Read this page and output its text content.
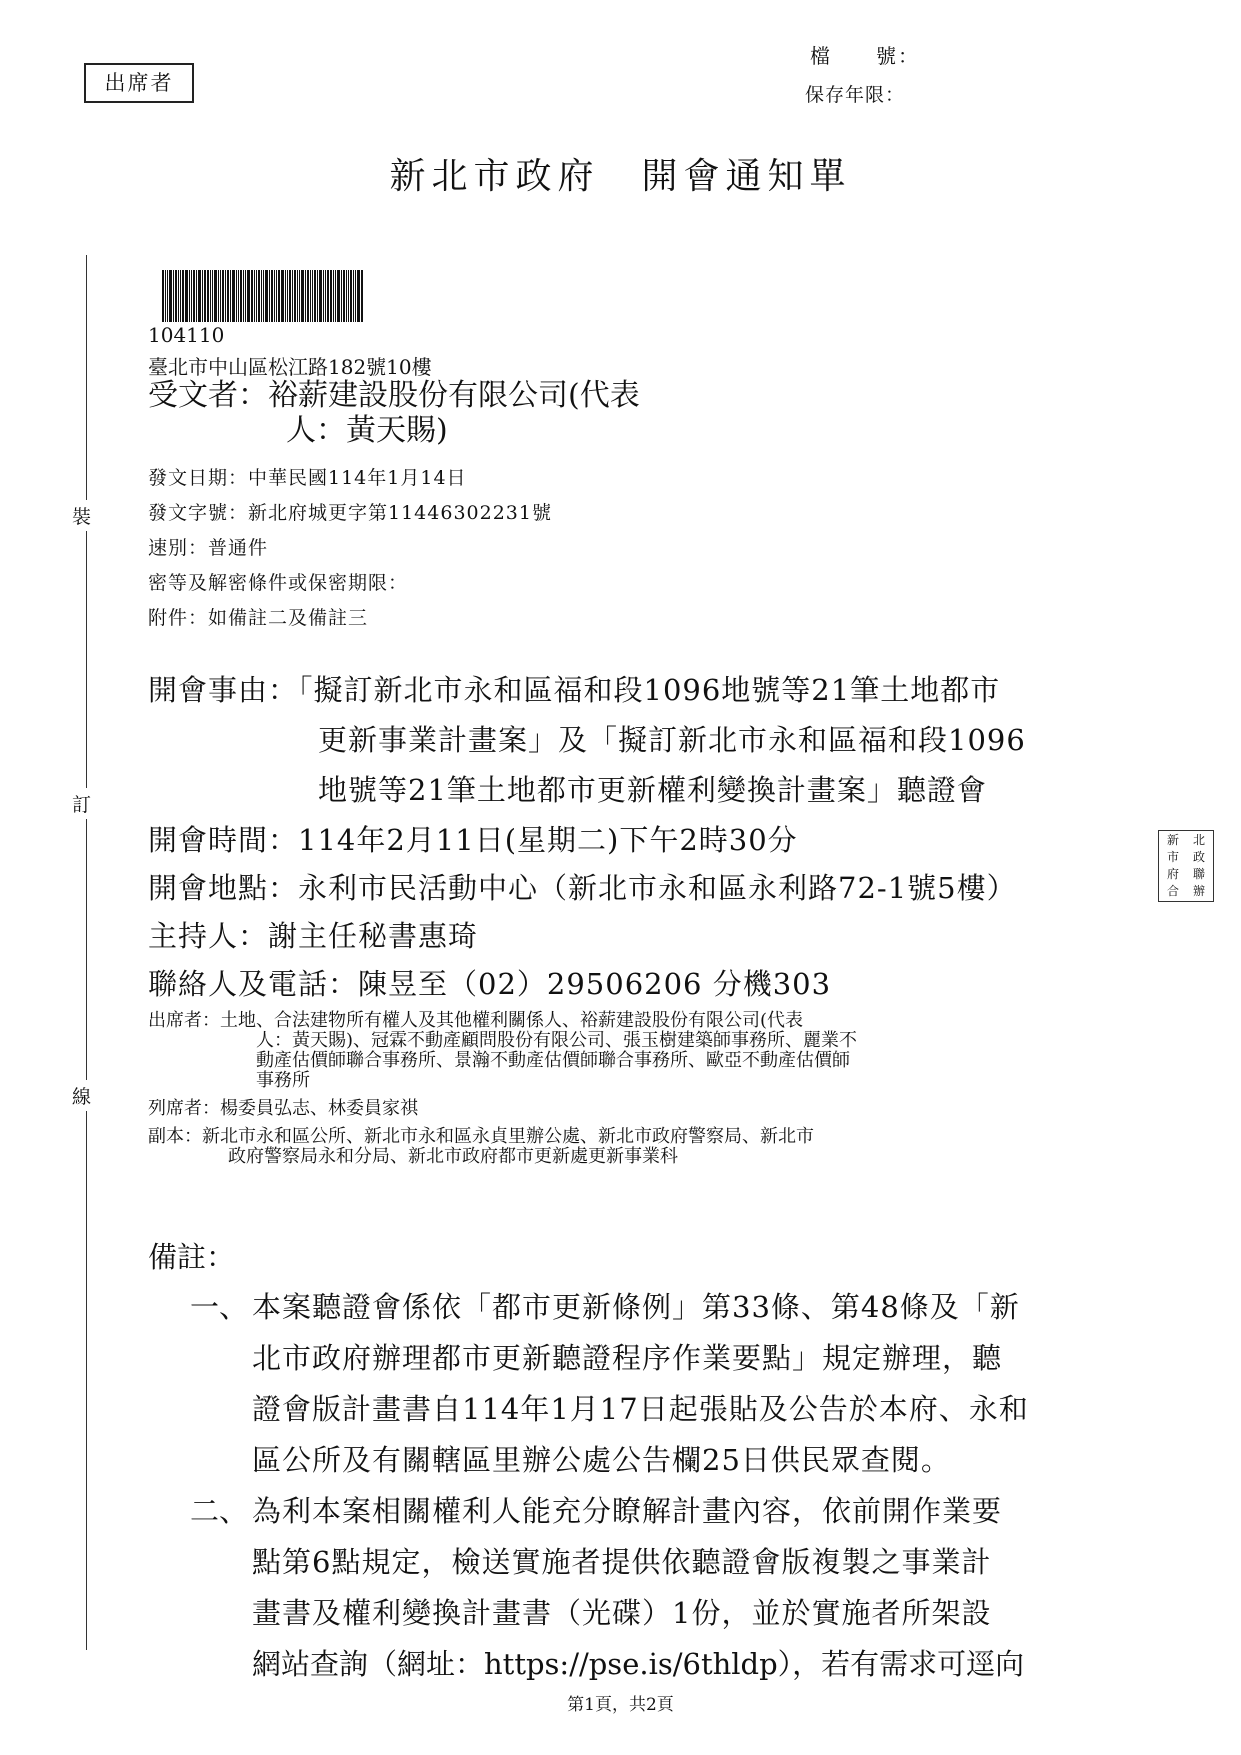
出席者
檔　　號：
保存年限：
新北市政府　開會通知單
裝
訂
線
104110
臺北市中山區松江路182號10樓
受文者：裕薪建設股份有限公司(代表
人：黃天賜)
發文日期：中華民國114年1月14日
發文字號：新北府城更字第11446302231號
速別：普通件
密等及解密條件或保密期限：
附件：如備註二及備註三
開會事由：「擬訂新北市永和區福和段1096地號等21筆土地都市
更新事業計畫案」及「擬訂新北市永和區福和段1096
地號等21筆土地都市更新權利變換計畫案」聽證會
開會時間：114年2月11日(星期二)下午2時30分
開會地點：永利市民活動中心（新北市永和區永利路72-1號5樓）
主持人：謝主任秘書惠琦
聯絡人及電話：陳昱至（02）29506206 分機303
出席者：土地、合法建物所有權人及其他權利關係人、裕薪建設股份有限公司(代表
人：黃天賜)、冠霖不動產顧問股份有限公司、張玉樹建築師事務所、麗業不
動產估價師聯合事務所、景瀚不動產估價師聯合事務所、歐亞不動產估價師
事務所
列席者：楊委員弘志、林委員家祺
副本：新北市永和區公所、新北市永和區永貞里辦公處、新北市政府警察局、新北市
政府警察局永和分局、新北市政府都市更新處更新事業科
備註：
一、 本案聽證會係依「都市更新條例」第33條、第48條及「新
北市政府辦理都市更新聽證程序作業要點」規定辦理，聽
證會版計畫書自114年1月17日起張貼及公告於本府、永和
區公所及有關轄區里辦公處公告欄25日供民眾查閱。
二、 為利本案相關權利人能充分瞭解計畫內容，依前開作業要
點第6點規定，檢送實施者提供依聽證會版複製之事業計
畫書及權利變換計畫書（光碟）1份，並於實施者所架設
網站查詢（網址：https://pse.is/6thldp），若有需求可逕向
新	北
市	政
府	聯
合	辦
第1頁，共2頁
